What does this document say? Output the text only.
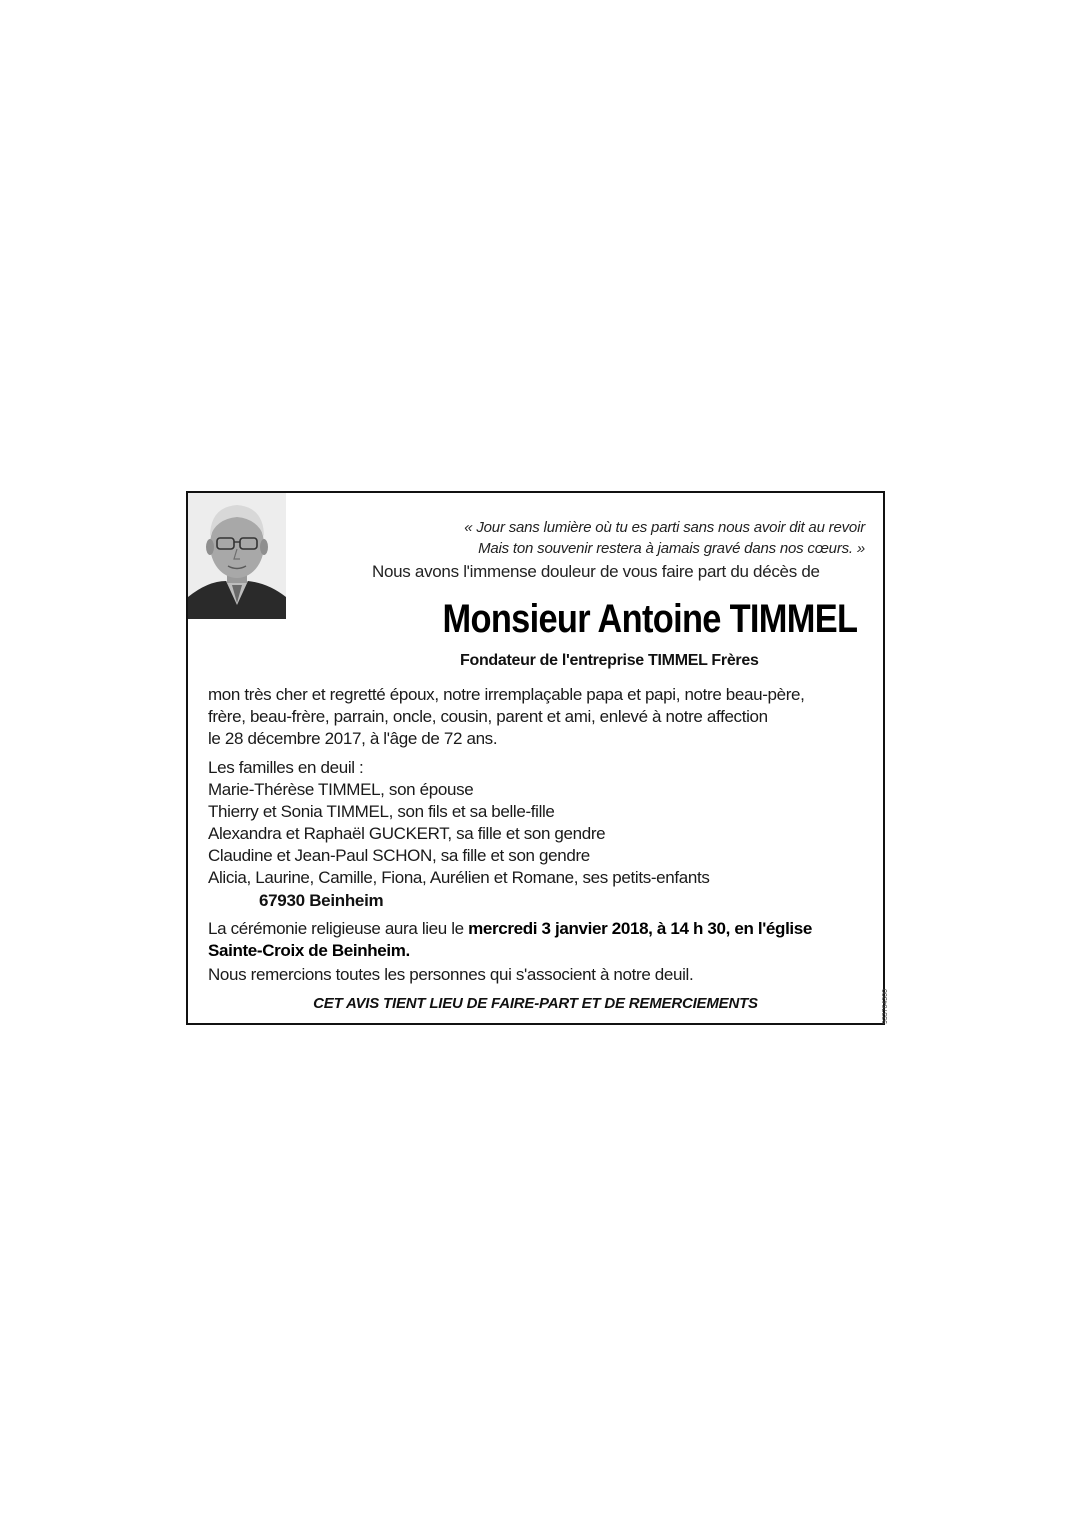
« Jour sans lumière où tu es parti sans nous avoir dit au revoir
Mais ton souvenir restera à jamais gravé dans nos cœurs. »
Nous avons l'immense douleur de vous faire part du décès de
Monsieur Antoine TIMMEL
Fondateur de l'entreprise TIMMEL Frères
mon très cher et regretté époux, notre irremplaçable papa et papi, notre beau-père,
frère, beau-frère, parrain, oncle, cousin, parent et ami, enlevé à notre affection
le 28 décembre 2017, à l'âge de 72 ans.
Les familles en deuil :
Marie-Thérèse TIMMEL, son épouse
Thierry et Sonia TIMMEL, son fils et sa belle-fille
Alexandra et Raphaël GUCKERT, sa fille et son gendre
Claudine et Jean-Paul SCHON, sa fille et son gendre
Alicia, Laurine, Camille, Fiona, Aurélien et Romane, ses petits-enfants
67930 Beinheim
La cérémonie religieuse aura lieu le mercredi 3 janvier 2018, à 14 h 30, en l'église
Sainte-Croix de Beinheim.
Nous remercions toutes les personnes qui s'associent à notre deuil.
CET AVIS TIENT LIEU DE FAIRE-PART ET DE REMERCIEMENTS	933764300
